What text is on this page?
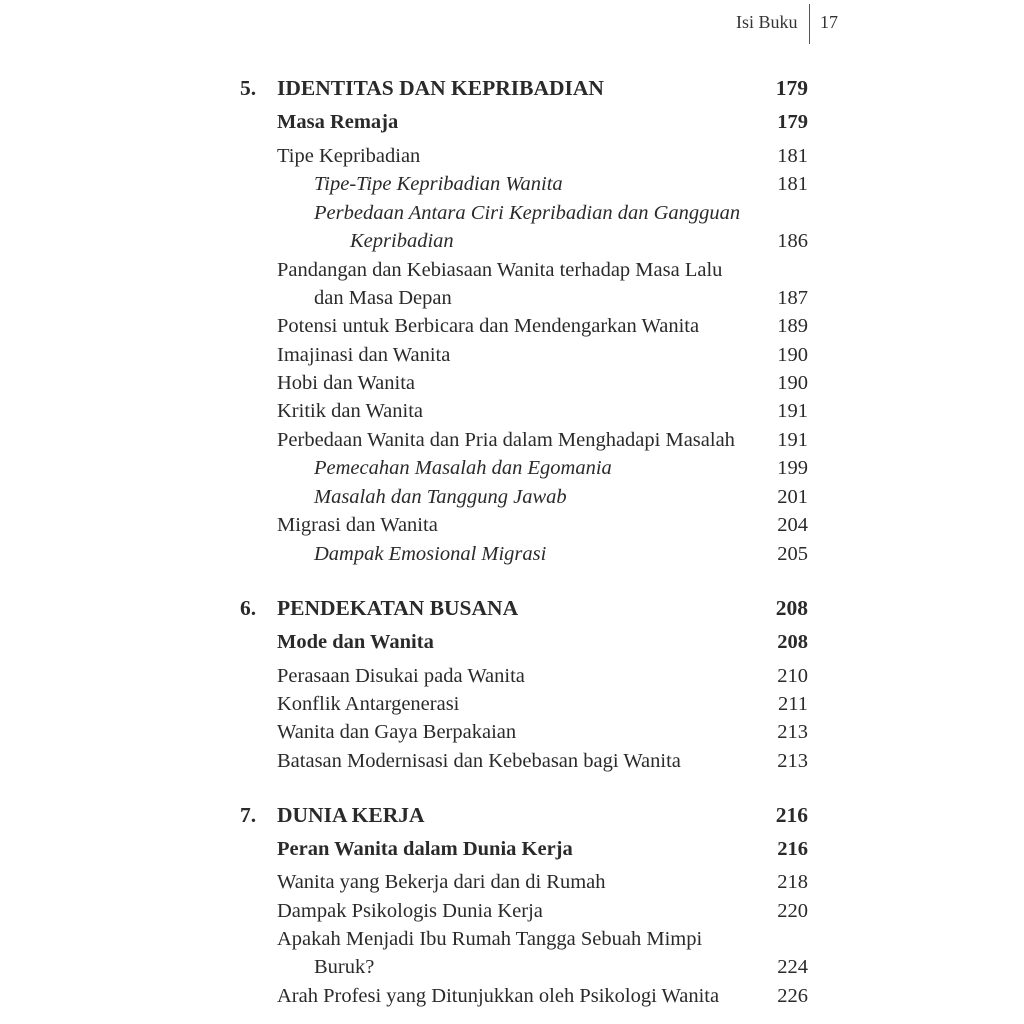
Isi Buku 17
5. IDENTITAS DAN KEPRIBADIAN	179
Masa Remaja	179
Tipe Kepribadian	181
Tipe-Tipe Kepribadian Wanita	181
Perbedaan Antara Ciri Kepribadian dan Gangguan
Kepribadian	186
Pandangan dan Kebiasaan Wanita terhadap Masa Lalu
dan Masa Depan	187
Potensi untuk Berbicara dan Mendengarkan Wanita	189
Imajinasi dan Wanita	190
Hobi dan Wanita	190
Kritik dan Wanita	191
Perbedaan Wanita dan Pria dalam Menghadapi Masalah 191
Pemecahan Masalah dan Egomania	199
Masalah dan Tanggung Jawab	201
Migrasi dan Wanita	204
Dampak Emosional Migrasi	205
6. PENDEKATAN BUSANA	208
Mode dan Wanita	208
Perasaan Disukai pada Wanita	210
Konflik Antargenerasi	211
Wanita dan Gaya Berpakaian	213
Batasan Modernisasi dan Kebebasan bagi Wanita	213
7. DUNIA KERJA	216
Peran Wanita dalam Dunia Kerja	216
Wanita yang Bekerja dari dan di Rumah	218
Dampak Psikologis Dunia Kerja	220
Apakah Menjadi Ibu Rumah Tangga Sebuah Mimpi
Buruk?	224
Arah Profesi yang Ditunjukkan oleh Psikologi Wanita	226
